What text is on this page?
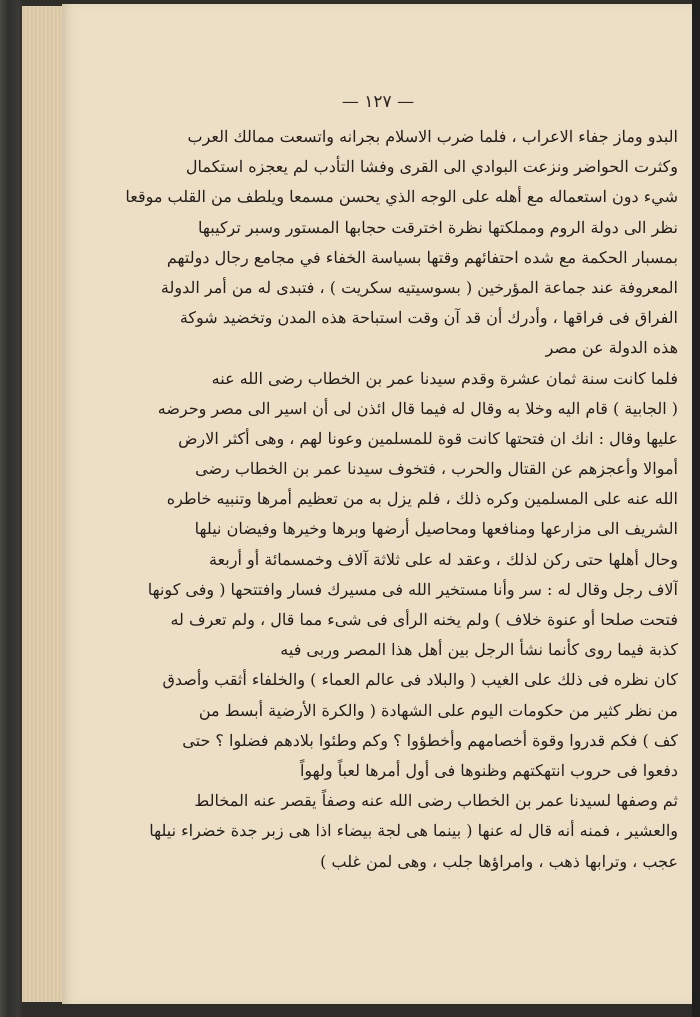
— ١٢٧ —

البدو وماز جفاء الاعراب ، فلما ضرب الاسلام بجرانه واتسعت ممالك العرب
وكثرت الحواضر ونزعت البوادي الى القرى وفشا التأدب لم يعجزه استكمال
شيء دون استعماله مع أهله على الوجه الذي يحسن مسمعا ويلطف من القلب موقعا

نظر الى دولة الروم ومملكتها نظرة اخترقت حجابها المستور وسبر تركيبها
بمسبار الحكمة مع شده احتفائهم وقتها بسياسة الخفاء في مجامع رجال دولتهم
المعروفة عند جماعة المؤرخين ( بسوسيتيه سكريت ) ، فتبدى له من أمر الدولة
الفراق فى فراقها ، وأدرك أن قد آن وقت استباحة هذه المدن وتخضيد شوكة
هذه الدولة عن مصر

فلما كانت سنة ثمان عشرة وقدم سيدنا عمر بن الخطاب رضى الله عنه
( الجابية ) قام اليه وخلا به وقال له فيما قال ائذن لى أن اسير الى مصر وحرضه
عليها وقال : انك ان فتحتها كانت قوة للمسلمين وعونا لهم ، وهى أكثر الارض
أموالا وأعجزهم عن القتال والحرب ، فتخوف سيدنا عمر بن الخطاب رضى
الله عنه على المسلمين وكره ذلك ، فلم يزل به من تعظيم أمرها وتنبيه خاطره
الشريف الى مزارعها ومنافعها ومحاصيل أرضها وبرها وخيرها وفيضان نيلها
وحال أهلها حتى ركن لذلك ، وعقد له على ثلاثة آلاف وخمسمائة أو أربعة
آلاف رجل وقال له : سر وأنا مستخير الله فى مسيرك فسار وافتتحها ( وفى كونها
فتحت صلحا أو عنوة خلاف ) ولم يخنه الرأى فى شىء مما قال ، ولم تعرف له
كذبة فيما روى كأنما نشأ الرجل بين أهل هذا المصر وربى فيه

كان نظره فى ذلك على الغيب ( والبلاد فى عالم العماء ) والخلفاء أثقب وأصدق
من نظر كثير من حكومات اليوم على الشهادة ( والكرة الأرضية أبسط من
كف ) فكم قدروا وقوة أخصامهم وأخطؤوا ؟ وكم وطئوا بلادهم فضلوا ؟ حتى
دفعوا فى حروب انتهكتهم وظنوها فى أول أمرها لعباً ولهواً

ثم وصفها لسيدنا عمر بن الخطاب رضى الله عنه وصفاً يقصر عنه المخالط
والعشير ، فمنه أنه قال له عنها ( بينما هى لجة بيضاء اذا هى زبر جدة خضراء نيلها
عجب ، وترابها ذهب ، وامراؤها جلب ، وهى لمن غلب )
